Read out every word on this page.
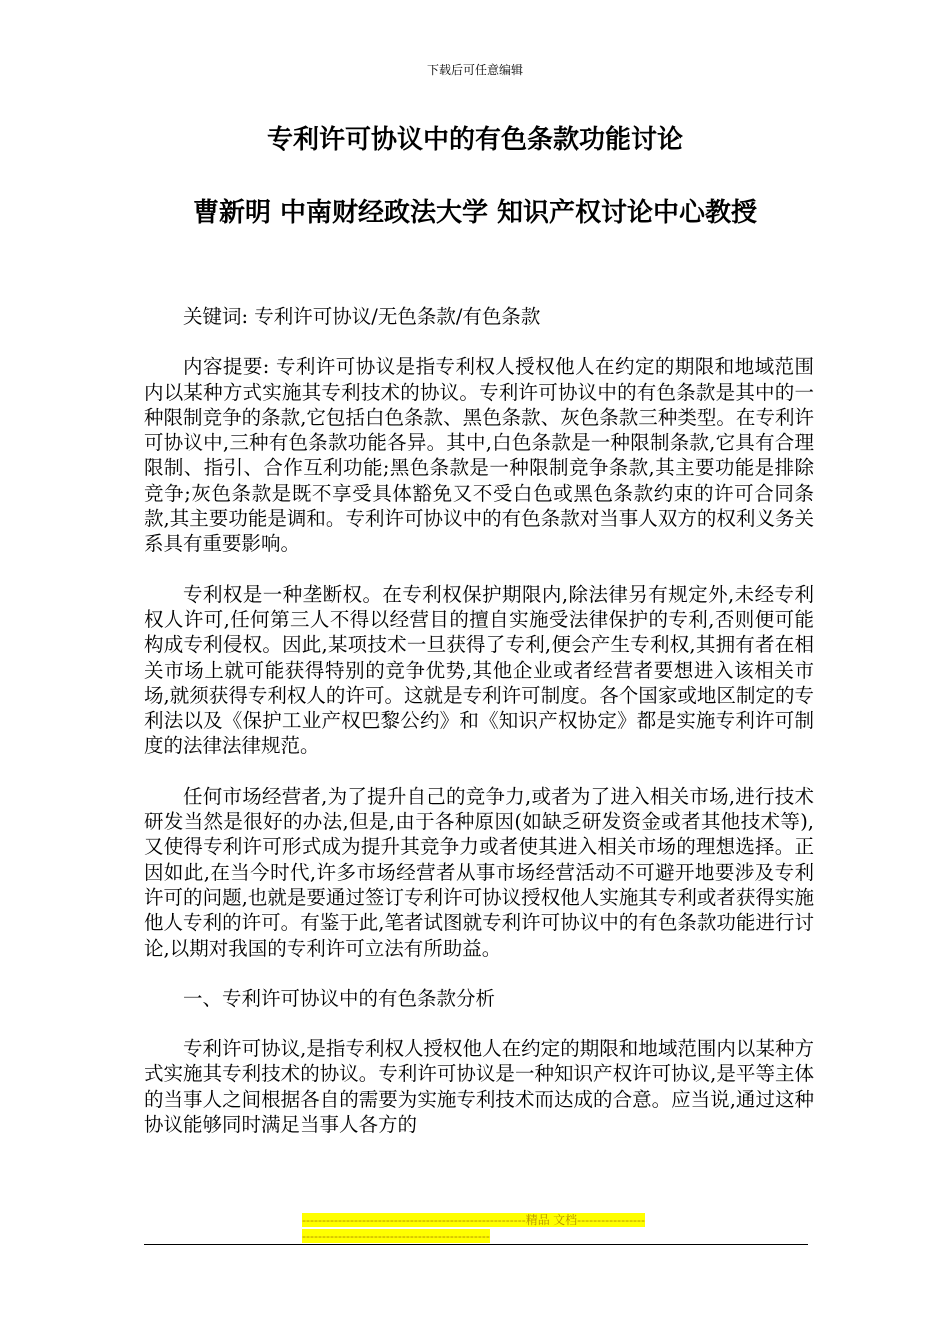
下载后可任意编辑
专利许可协议中的有色条款功能讨论
曹新明 中南财经政法大学 知识产权讨论中心教授

关键词: 专利许可协议/无色条款/有色条款

内容提要: 专利许可协议是指专利权人授权他人在约定的期限和地域范围内以某种方式实施其专利技术的协议。专利许可协议中的有色条款是其中的一种限制竞争的条款,它包括白色条款、黑色条款、灰色条款三种类型。在专利许可协议中,三种有色条款功能各异。其中,白色条款是一种限制条款,它具有合理限制、指引、合作互利功能;黑色条款是一种限制竞争条款,其主要功能是排除竞争;灰色条款是既不享受具体豁免又不受白色或黑色条款约束的许可合同条款,其主要功能是调和。专利许可协议中的有色条款对当事人双方的权利义务关系具有重要影响。

专利权是一种垄断权。在专利权保护期限内,除法律另有规定外,未经专利权人许可,任何第三人不得以经营目的擅自实施受法律保护的专利,否则便可能构成专利侵权。因此,某项技术一旦获得了专利,便会产生专利权,其拥有者在相关市场上就可能获得特别的竞争优势,其他企业或者经营者要想进入该相关市场,就须获得专利权人的许可。这就是专利许可制度。各个国家或地区制定的专利法以及《保护工业产权巴黎公约》和《知识产权协定》都是实施专利许可制度的法律法律规范。

任何市场经营者,为了提升自己的竞争力,或者为了进入相关市场,进行技术研发当然是很好的办法,但是,由于各种原因(如缺乏研发资金或者其他技术等),又使得专利许可形式成为提升其竞争力或者使其进入相关市场的理想选择。正因如此,在当今时代,许多市场经营者从事市场经营活动不可避开地要涉及专利许可的问题,也就是要通过签订专利许可协议授权他人实施其专利或者获得实施他人专利的许可。有鉴于此,笔者试图就专利许可协议中的有色条款功能进行讨论,以期对我国的专利许可立法有所助益。

一、专利许可协议中的有色条款分析

专利许可协议,是指专利权人授权他人在约定的期限和地域范围内以某种方式实施其专利技术的协议。专利许可协议是一种知识产权许可协议,是平等主体的当事人之间根据各自的需要为实施专利技术而达成的合意。应当说,通过这种协议能够同时满足当事人各方的

--------------------------------------------------------精品 文档----------------------------------------------------------------
